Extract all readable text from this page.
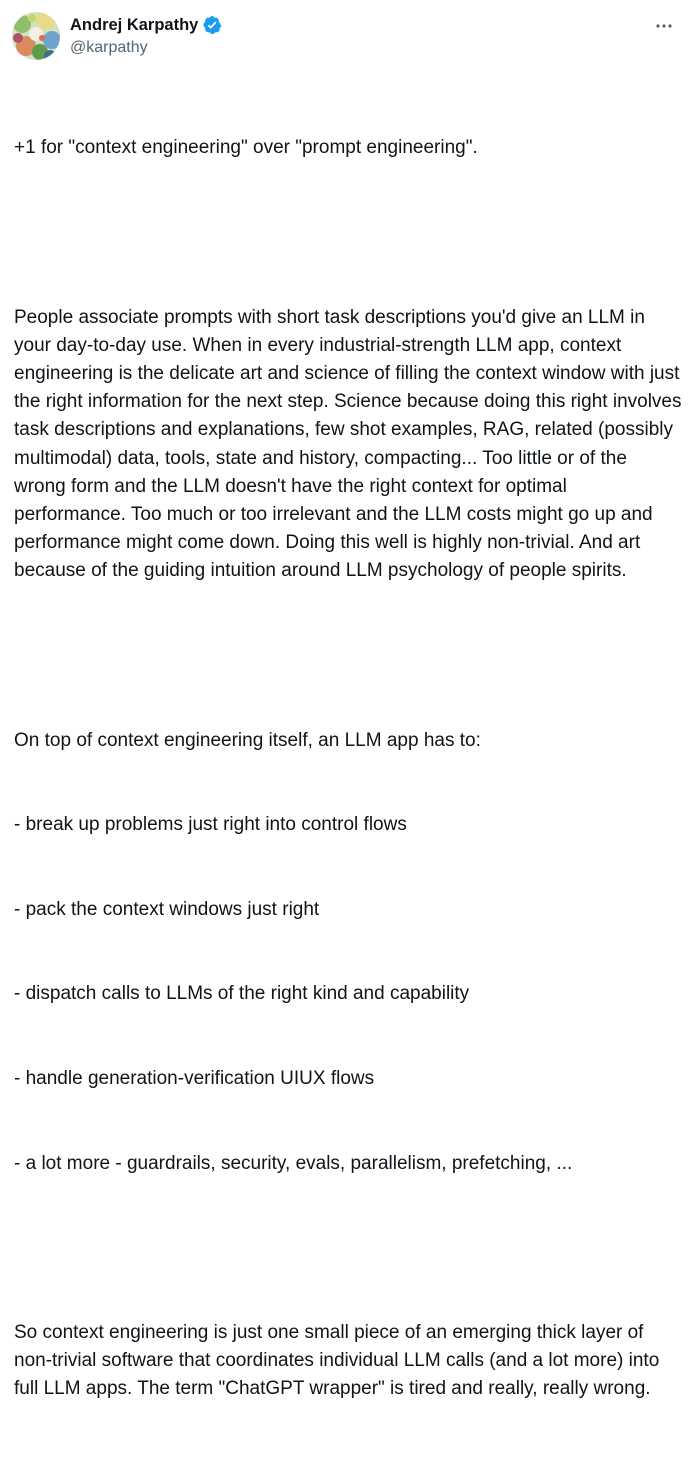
Andrej Karpathy
@karpathy

+1 for "context engineering" over "prompt engineering".

People associate prompts with short task descriptions you'd give an LLM in your day-to-day use. When in every industrial-strength LLM app, context engineering is the delicate art and science of filling the context window with just the right information for the next step. Science because doing this right involves task descriptions and explanations, few shot examples, RAG, related (possibly multimodal) data, tools, state and history, compacting... Too little or of the wrong form and the LLM doesn't have the right context for optimal performance. Too much or too irrelevant and the LLM costs might go up and performance might come down. Doing this well is highly non-trivial. And art because of the guiding intuition around LLM psychology of people spirits.

On top of context engineering itself, an LLM app has to:

- break up problems just right into control flows

- pack the context windows just right

- dispatch calls to LLMs of the right kind and capability

- handle generation-verification UIUX flows

- a lot more - guardrails, security, evals, parallelism, prefetching, ...

So context engineering is just one small piece of an emerging thick layer of non-trivial software that coordinates individual LLM calls (and a lot more) into full LLM apps. The term "ChatGPT wrapper" is tired and really, really wrong.
